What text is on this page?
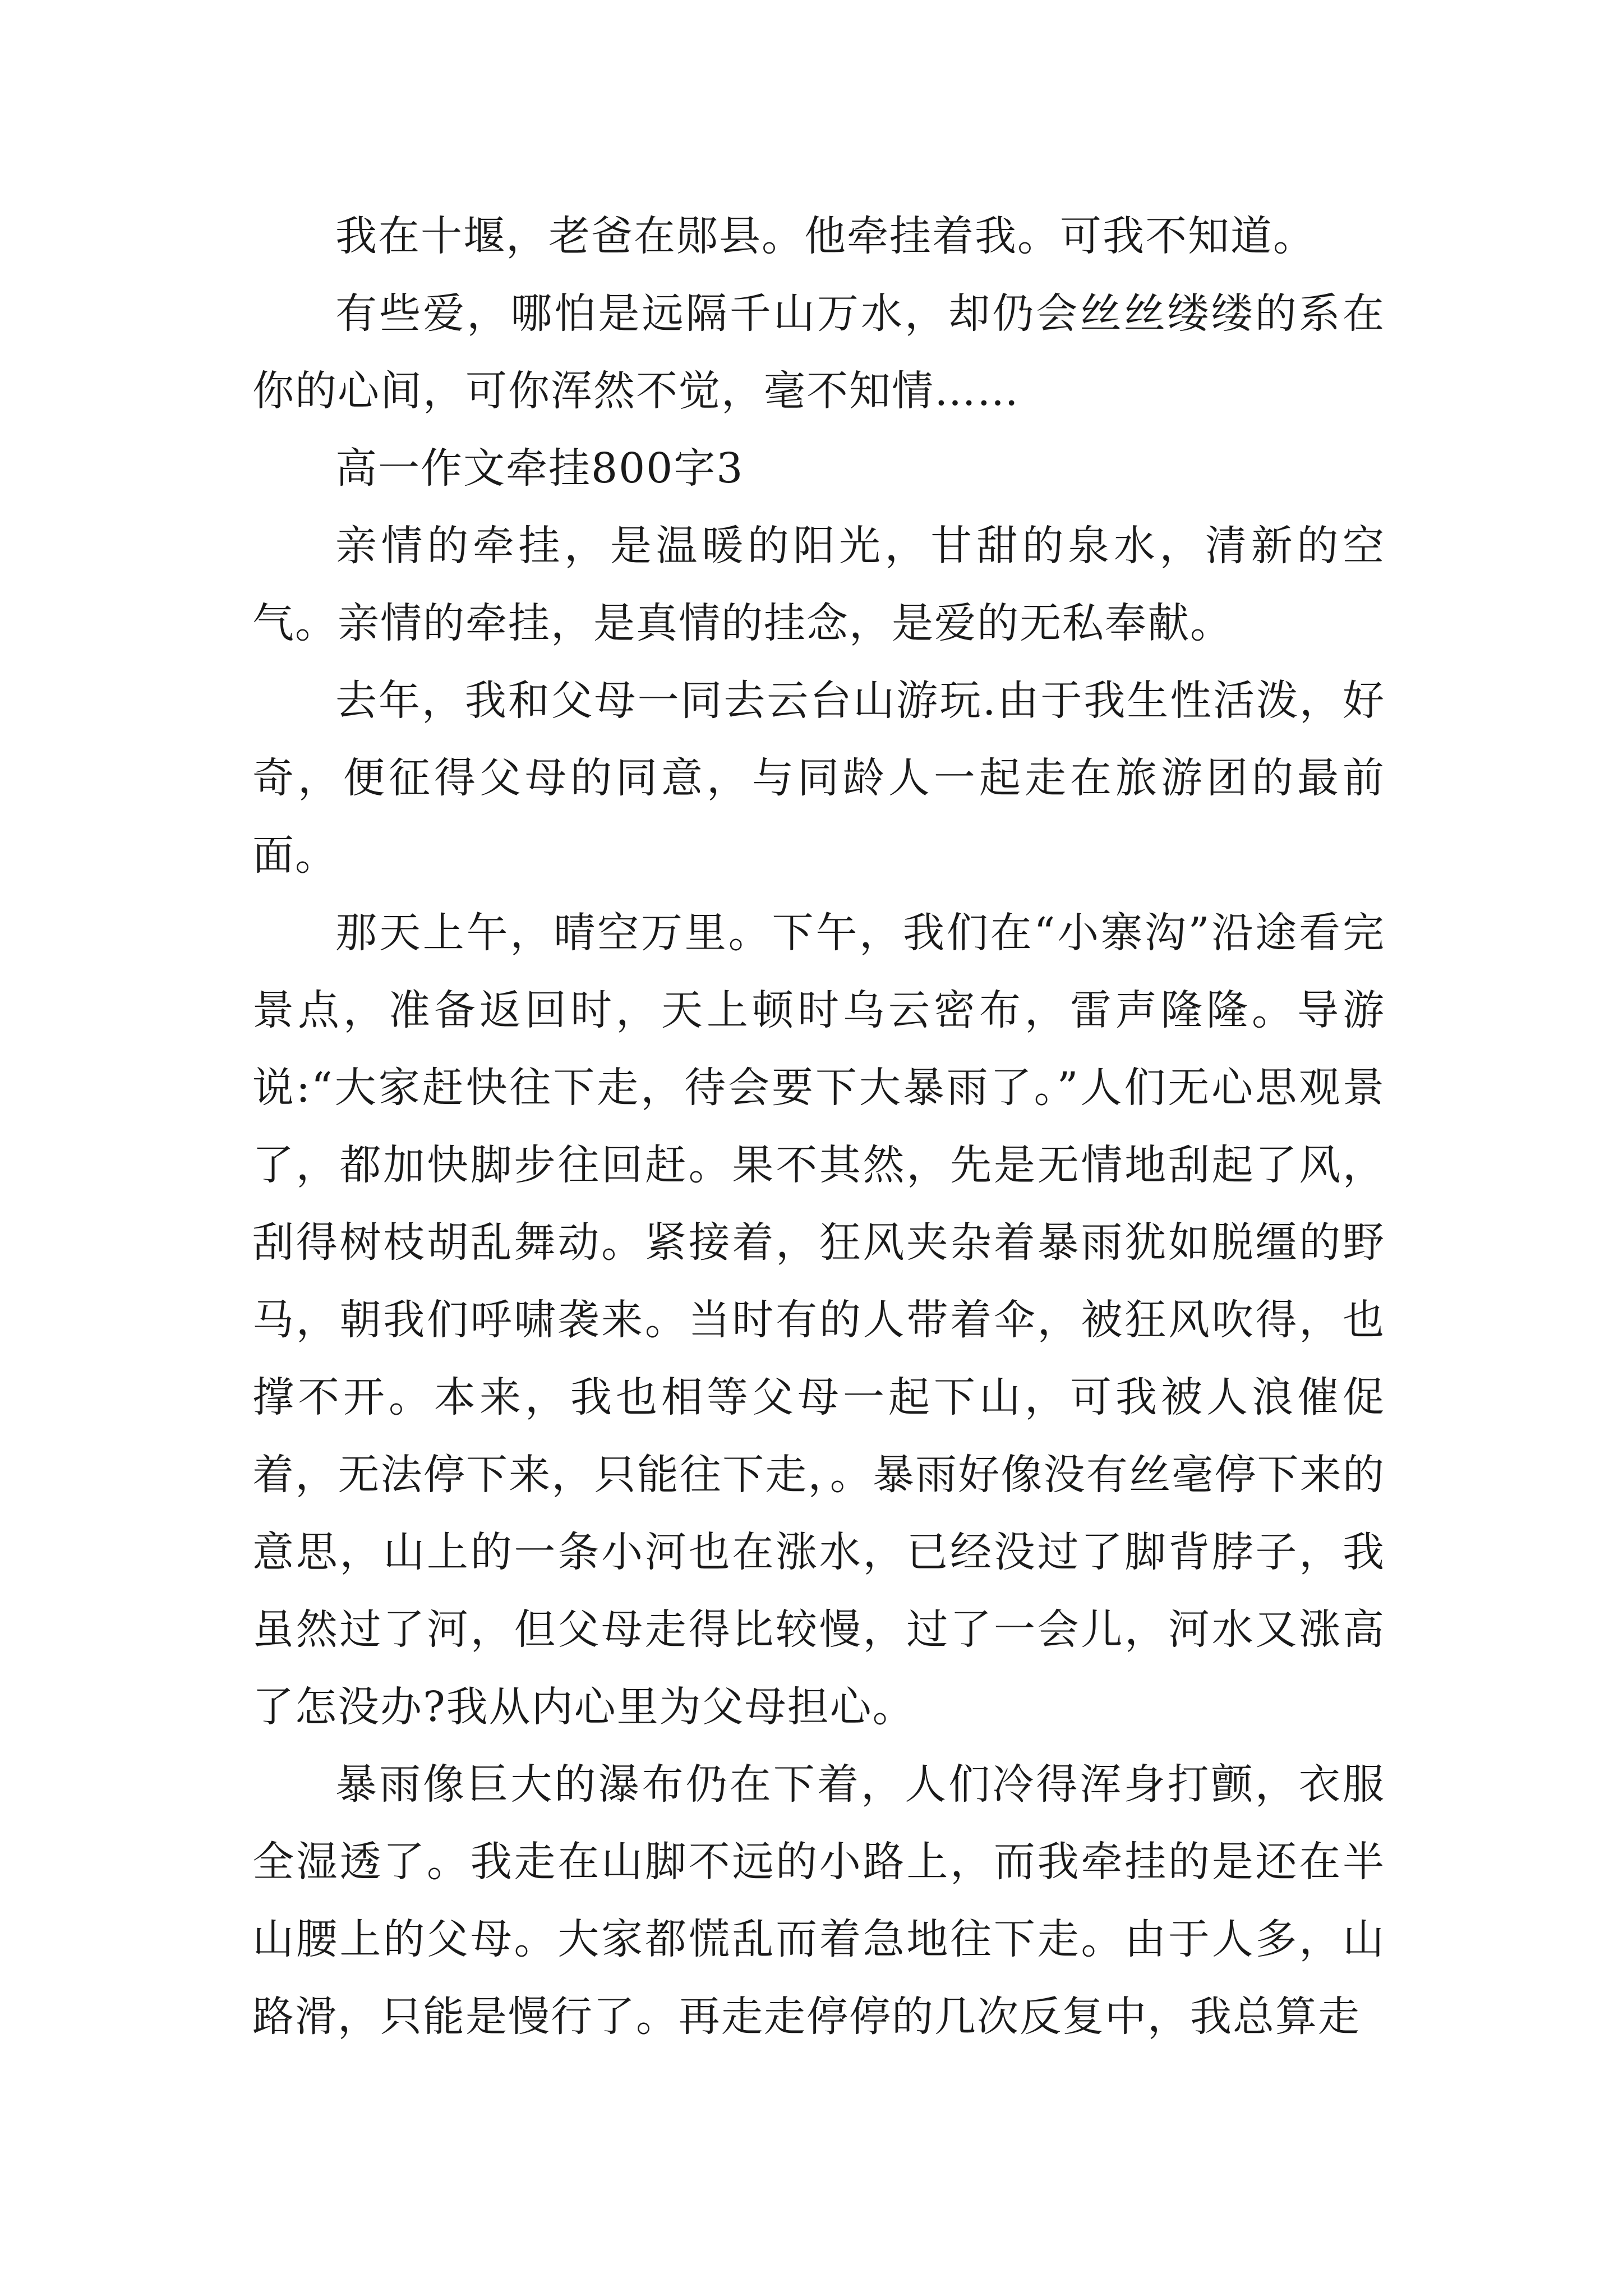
我在十堰，老爸在郧县。他牵挂着我。可我不知道。

有些爱，哪怕是远隔千山万水，却仍会丝丝缕缕的系在你的心间，可你浑然不觉，毫不知情……

高一作文牵挂800字3

亲情的牵挂，是温暖的阳光，甘甜的泉水，清新的空气。亲情的牵挂，是真情的挂念，是爱的无私奉献。

去年，我和父母一同去云台山游玩.由于我生性活泼，好奇，便征得父母的同意，与同龄人一起走在旅游团的最前面。

那天上午，晴空万里。下午，我们在“小寨沟”沿途看完景点，准备返回时，天上顿时乌云密布，雷声隆隆。导游说:“大家赶快往下走，待会要下大暴雨了。”人们无心思观景了，都加快脚步往回赶。果不其然，先是无情地刮起了风，刮得树枝胡乱舞动。紧接着，狂风夹杂着暴雨犹如脱缰的野马，朝我们呼啸袭来。当时有的人带着伞，被狂风吹得，也撑不开。本来，我也相等父母一起下山，可我被人浪催促着，无法停下来，只能往下走，。暴雨好像没有丝毫停下来的意思，山上的一条小河也在涨水，已经没过了脚背脖子，我虽然过了河，但父母走得比较慢，过了一会儿，河水又涨高了怎没办?我从内心里为父母担心。

暴雨像巨大的瀑布仍在下着，人们冷得浑身打颤，衣服全湿透了。我走在山脚不远的小路上，而我牵挂的是还在半山腰上的父母。大家都慌乱而着急地往下走。由于人多，山路滑，只能是慢行了。再走走停停的几次反复中，我总算走
